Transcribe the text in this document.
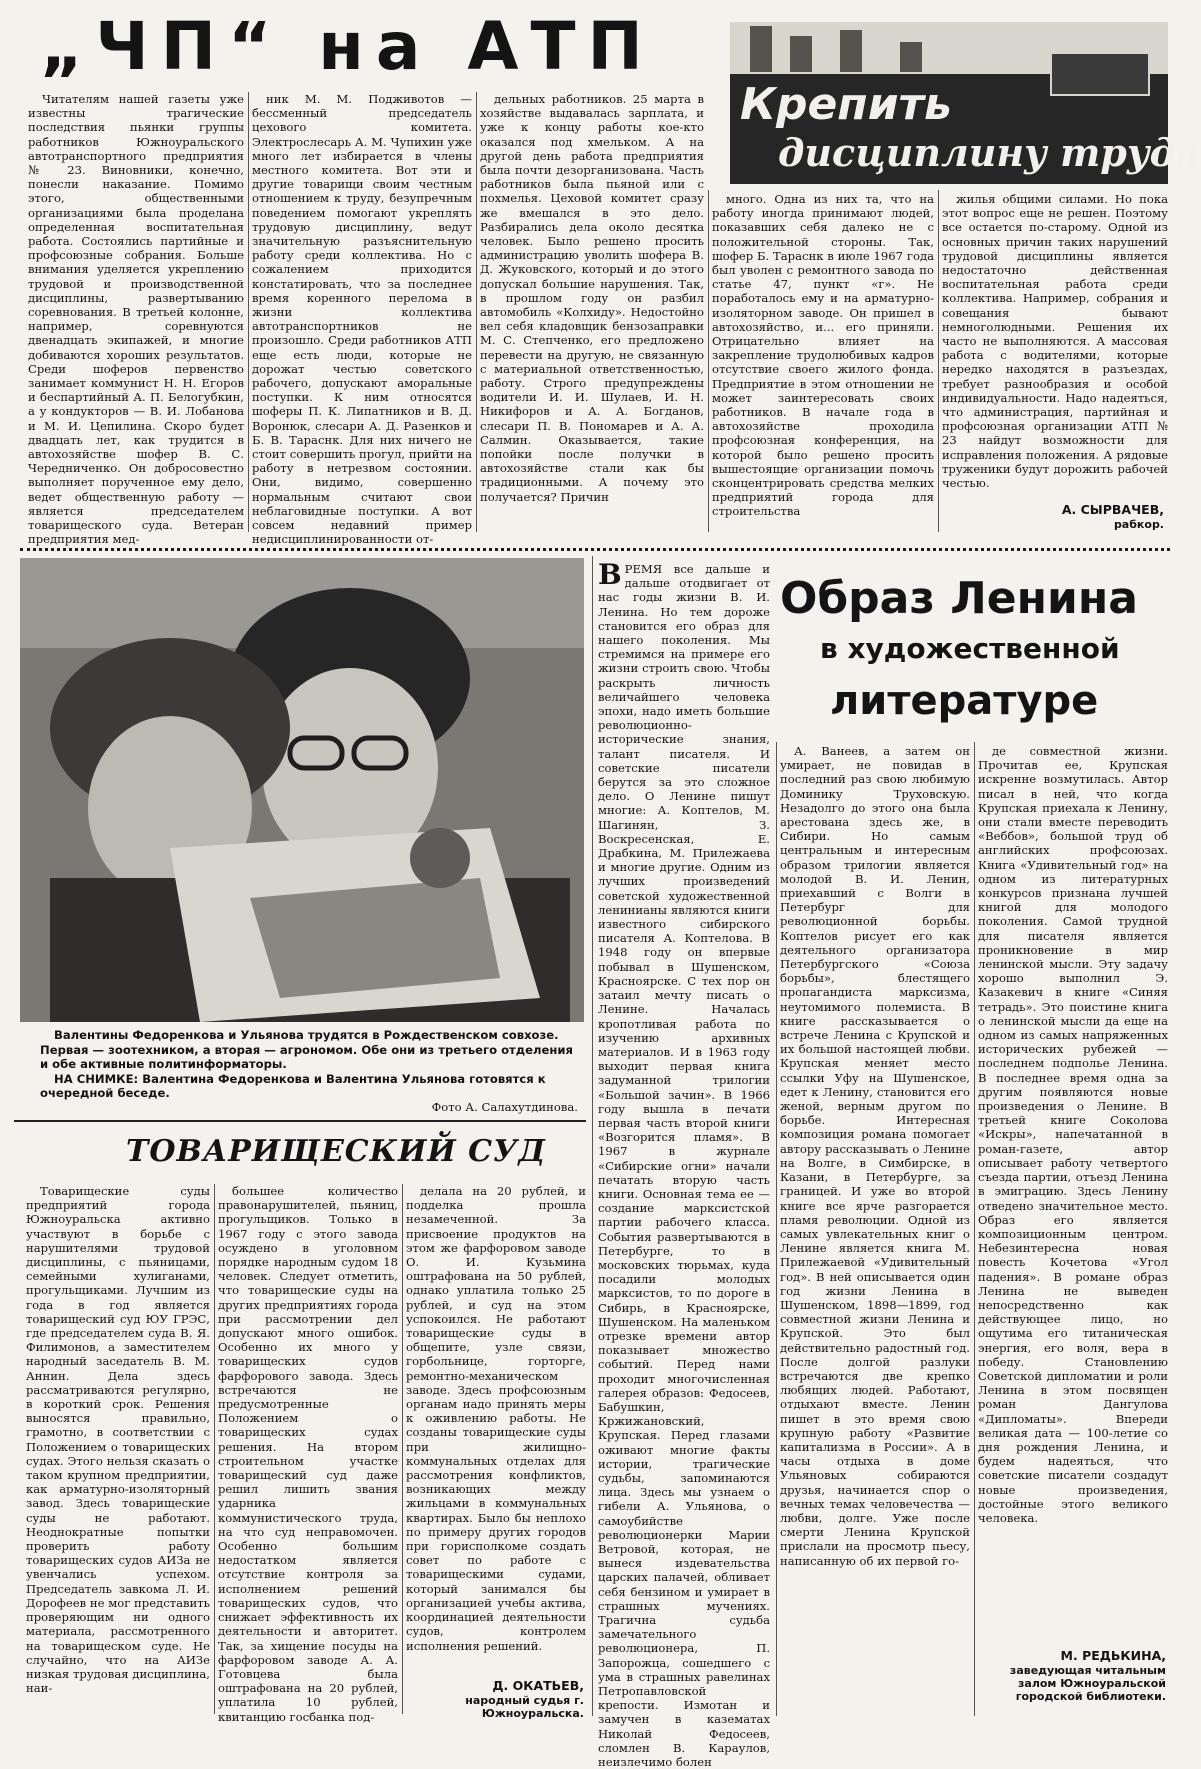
„ЧП“ на АТП
Крепить
дисциплину труда

Читателям нашей газеты уже известны трагические последствия пьянки группы работников Южноуральского автотранспортного предприятия № 23. Виновники, конечно, понесли наказание. Помимо этого, общественными организациями была проделана определенная воспитательная работа. Состоялись партийные и профсоюзные собрания. Больше внимания уделяется укреплению трудовой и производственной дисциплины, развертыванию соревнования. В третьей колонне, например, соревнуются двенадцать экипажей, и многие добиваются хороших результатов. Среди шоферов первенство занимает коммунист Н. Н. Егоров и беспартийный А. П. Белогубкин, а у кондукторов — В. И. Лобанова и М. И. Цепилина. Скоро будет двадцать лет, как трудится в автохозяйстве шофер В. С. Чередниченко. Он добросовестно выполняет порученное ему дело, ведет общественную работу — является председателем товарищеского суда. Ветеран предприятия мед-

ник М. М. Подживотов — бессменный председатель цехового комитета. Электрослесарь А. М. Чупихин уже много лет избирается в члены местного комитета. Вот эти и другие товарищи своим честным отношением к труду, безупречным поведением помогают укреплять трудовую дисциплину, ведут значительную разъяснительную работу среди коллектива. Но с сожалением приходится констатировать, что за последнее время коренного перелома в жизни коллектива автотранспортников не произошло. Среди работников АТП еще есть люди, которые не дорожат честью советского рабочего, допускают аморальные поступки. К ним относятся шоферы П. К. Липатников и В. Д. Воронюк, слесари А. Д. Разенков и Б. В. Тараснк. Для них ничего не стоит совершить прогул, прийти на работу в нетрезвом состоянии. Они, видимо, совершенно нормальным считают свои неблаговидные поступки. А вот совсем недавний пример недисциплинированности от-

дельных работников. 25 марта в хозяйстве выдавалась зарплата, и уже к концу работы кое-кто оказался под хмельком. А на другой день работа предприятия была почти дезорганизована. Часть работников была пьяной или с похмелья. Цеховой комитет сразу же вмешался в это дело. Разбирались дела около десятка человек. Было решено просить администрацию уволить шофера В. Д. Жуковского, который и до этого допускал большие нарушения. Так, в прошлом году он разбил автомобиль «Колхиду». Недостойно вел себя кладовщик бензозаправки М. С. Степченко, его предложено перевести на другую, не связанную с материальной ответственностью, работу. Строго предупреждены водители И. И. Шулаев, И. Н. Никифоров и А. А. Богданов, слесари П. В. Пономарев и А. А. Салмин. Оказывается, такие попойки после получки в автохозяйстве стали как бы традиционными. А почему это получается? Причин

много. Одна из них та, что на работу иногда принимают людей, показавших себя далеко не с положительной стороны. Так, шофер Б. Тараснк в июле 1967 года был уволен с ремонтного завода по статье 47, пункт «г». Не поработалось ему и на арматурно-изоляторном заводе. Он пришел в автохозяйство, и... его приняли. Отрицательно влияет на закрепление трудолюбивых кадров отсутствие своего жилого фонда. Предприятие в этом отношении не может заинтересовать своих работников. В начале года в автохозяйстве проходила профсоюзная конференция, на которой было решено просить вышестоящие организации помочь сконцентрировать средства мелких предприятий города для строительства

жилья общими силами. Но пока этот вопрос еще не решен. Поэтому все остается по-старому. Одной из основных причин таких нарушений трудовой дисциплины является недостаточно действенная воспитательная работа среди коллектива. Например, собрания и совещания бывают немноголюдными. Решения их часто не выполняются. А массовая работа с водителями, которые нередко находятся в разъездах, требует разнообразия и особой индивидуальности. Надо надеяться, что администрация, партийная и профсоюзная организации АТП № 23 найдут возможности для исправления положения. А рядовые труженики будут дорожить рабочей честью.

А. СЫРВАЧЕВ,
рабкор.

Валентины Федоренкова и Ульянова трудятся в Рождественском совхозе. Первая — зоотехником, а вторая — агрономом. Обе они из третьего отделения и обе активные политинформаторы.

НА СНИМКЕ: Валентина Федоренкова и Валентина Ульянова готовятся к очередной беседе.

Фото А. Салахутдинова.
ТОВАРИЩЕСКИЙ СУД

Товарищеские суды предприятий города Южноуральска активно участвуют в борьбе с нарушителями трудовой дисциплины, с пьяницами, семейными хулиганами, прогульщиками. Лучшим из года в год является товарищеский суд ЮУ ГРЭС, где председателем суда В. Я. Филимонов, а заместителем народный заседатель В. М. Аннин. Дела здесь рассматриваются регулярно, в короткий срок. Решения выносятся правильно, грамотно, в соответствии с Положением о товарищеских судах. Этого нельзя сказать о таком крупном предприятии, как арматурно-изоляторный завод. Здесь товарищеские суды не работают. Неоднократные попытки проверить работу товарищеских судов АИЗа не увенчались успехом. Председатель завкома Л. И. Дорофеев не мог представить проверяющим ни одного материала, рассмотренного на товарищеском суде. Не случайно, что на АИЗе низкая трудовая дисциплина, наи-

большее количество правонарушителей, пьяниц, прогульщиков. Только в 1967 году с этого завода осуждено в уголовном порядке народным судом 18 человек. Следует отметить, что товарищеские суды на других предприятиях города при рассмотрении дел допускают много ошибок. Особенно их много у товарищеских судов фарфорового завода. Здесь встречаются не предусмотренные Положением о товарищеских судах решения. На втором строительном участке товарищеский суд даже решил лишить звания ударника коммунистического труда, на что суд неправомочен. Особенно большим недостатком является отсутствие контроля за исполнением решений товарищеских судов, что снижает эффективность их деятельности и авторитет. Так, за хищение посуды на фарфоровом заводе А. А. Готовцева была оштрафована на 20 рублей, уплатила 10 рублей, квитанцию госбанка под-

делала на 20 рублей, и подделка прошла незамеченной. За присвоение продуктов на этом же фарфоровом заводе О. И. Кузьмина оштрафована на 50 рублей, однако уплатила только 25 рублей, и суд на этом успокоился. Не работают товарищеские суды в общепите, узле связи, горбольнице, горторге, ремонтно-механическом заводе. Здесь профсоюзным органам надо принять меры к оживлению работы. Не созданы товарищеские суды при жилищно-коммунальных отделах для рассмотрения конфликтов, возникающих между жильцами в коммунальных квартирах. Было бы неплохо по примеру других городов при горисполкоме создать совет по работе с товарищескими судами, который занимался бы организацией учебы актива, координацией деятельности судов, контролем исполнения решений.

Д. ОКАТЬЕВ,
народный судья г. Южноуральска.
В РЕМЯ все дальше и дальше отодвигает от нас годы жизни В. И. Ленина. Но тем дороже становится его образ для нашего поколения. Мы стремимся на примере его жизни строить свою. Чтобы раскрыть личность величайшего человека эпохи, надо иметь большие революционно-исторические знания, талант писателя. И советские писатели берутся за это сложное дело. О Ленине пишут многие: А. Коптелов, М. Шагинян, З. Воскресенская, Е. Драбкина, М. Прилежаева и многие другие. Одним из лучших произведений советской художественной ленинианы являются книги известного сибирского писателя А. Коптелова. В 1948 году он впервые побывал в Шушенском, Красноярске. С тех пор он затаил мечту писать о Ленине. Началась кропотливая работа по изучению архивных материалов. И в 1963 году выходит первая книга задуманной трилогии «Большой зачин». В 1966 году вышла в печати первая часть второй книги «Возгорится пламя». В 1967 в журнале «Сибирские огни» начали печатать вторую часть книги. Основная тема ее — создание марксистской партии рабочего класса. События развертываются в Петербурге, то в московских тюрьмах, куда посадили молодых марксистов, то по дороге в Сибирь, в Красноярске, Шушенском. На маленьком отрезке времени автор показывает множество событий. Перед нами проходит многочисленная галерея образов: Федосеев, Бабушкин, Кржижановский, Крупская. Перед глазами оживают многие факты истории, трагические судьбы, запоминаются лица. Здесь мы узнаем о гибели А. Ульянова, о самоубийстве революционерки Марии Ветровой, которая, не вынеся издевательства царских палачей, обливает себя бензином и умирает в страшных мучениях. Трагична судьба замечательного революционера, П. Запорожца, сошедшего с ума в страшных равелинах Петропавловской крепости. Измотан и замучен в казематах Николай Федосеев, сломлен В. Караулов, неизлечимо болен
Образ Ленина
в художественной
литературе

А. Ванеев, а затем он умирает, не повидав в последний раз свою любимую Доминику Труховскую. Незадолго до этого она была арестована здесь же, в Сибири. Но самым центральным и интересным образом трилогии является молодой В. И. Ленин, приехавший с Волги в Петербург для революционной борьбы. Коптелов рисует его как деятельного организатора Петербургского «Союза борьбы», блестящего пропагандиста марксизма, неутомимого полемиста. В книге рассказывается о встрече Ленина с Крупской и их большой настоящей любви. Крупская меняет место ссылки Уфу на Шушенское, едет к Ленину, становится его женой, верным другом по борьбе. Интересная композиция романа помогает автору рассказывать о Ленине на Волге, в Симбирске, в Казани, в Петербурге, за границей. И уже во второй книге все ярче разгорается пламя революции. Одной из самых увлекательных книг о Ленине является книга М. Прилежаевой «Удивительный год». В ней описывается один год жизни Ленина в Шушенском, 1898—1899, год совместной жизни Ленина и Крупской. Это был действительно радостный год. После долгой разлуки встречаются две крепко любящих людей. Работают, отдыхают вместе. Ленин пишет в это время свою крупную работу «Развитие капитализма в России». А в часы отдыха в доме Ульяновых собираются друзья, начинается спор о вечных темах человечества — любви, долге. Уже после смерти Ленина Крупской прислали на просмотр пьесу, написанную об их первой го-

де совместной жизни. Прочитав ее, Крупская искренне возмутилась. Автор писал в ней, что когда Крупская приехала к Ленину, они стали вместе переводить «Веббов», большой труд об английских профсоюзах. Книга «Удивительный год» на одном из литературных конкурсов признана лучшей книгой для молодого поколения. Самой трудной для писателя является проникновение в мир ленинской мысли. Эту задачу хорошо выполнил Э. Казакевич в книге «Синяя тетрадь». Это поистине книга о ленинской мысли да еще на одном из самых напряженных исторических рубежей — последнем подполье Ленина. В последнее время одна за другим появляются новые произведения о Ленине. В третьей книге Соколова «Искры», напечатанной в роман-газете, автор описывает работу четвертого съезда партии, отъезд Ленина в эмиграцию. Здесь Ленину отведено значительное место. Образ его является композиционным центром. Небезинтересна новая повесть Кочетова «Угол падения». В романе образ Ленина не выведен непосредственно как действующее лицо, но ощутима его титаническая энергия, его воля, вера в победу. Становлению Советской дипломатии и роли Ленина в этом посвящен роман Дангулова «Дипломаты». Впереди великая дата — 100-летие со дня рождения Ленина, и будем надеяться, что советские писатели создадут новые произведения, достойные этого великого человека.

М. РЕДЬКИНА,
заведующая читальным залом Южноуральской городской библиотеки.
